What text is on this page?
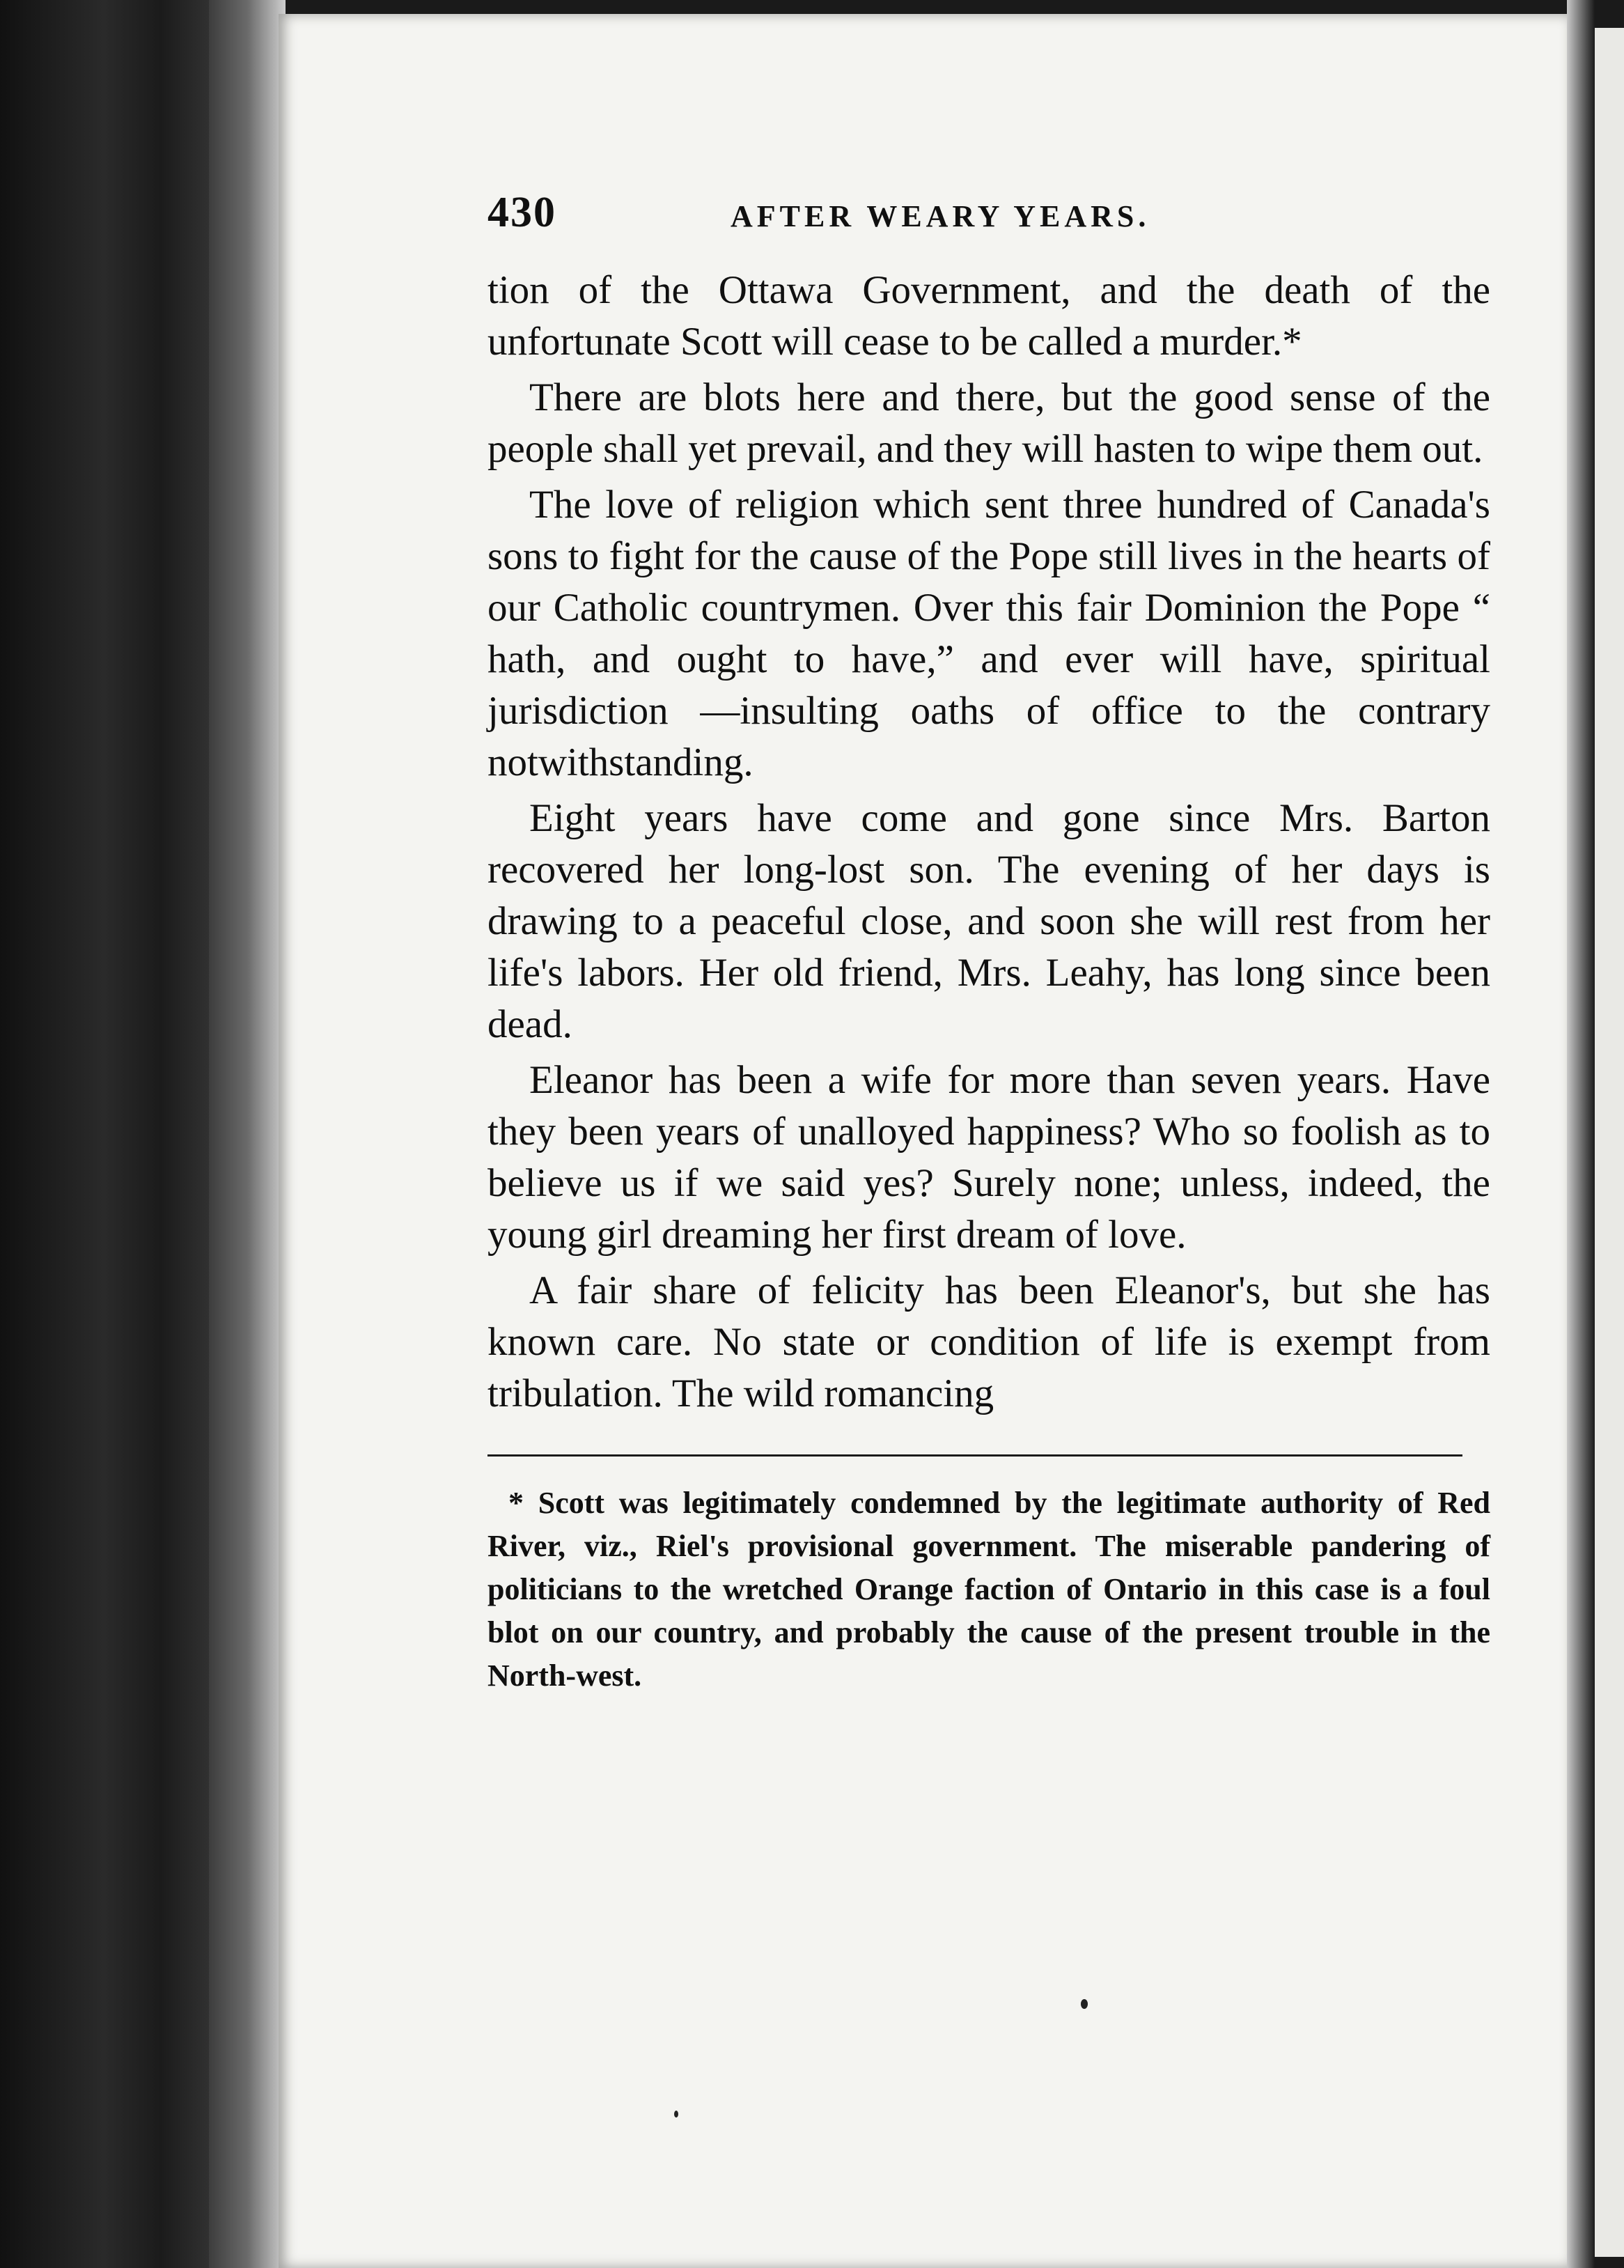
430	AFTER WEARY YEARS.

tion of the Ottawa Government, and the death of the unfortunate Scott will cease to be called a murder.*

There are blots here and there, but the good sense of the people shall yet prevail, and they will hasten to wipe them out.

The love of religion which sent three hundred of Canada's sons to fight for the cause of the Pope still lives in the hearts of our Catholic countrymen. Over this fair Dominion the Pope “ hath, and ought to have,” and ever will have, spiritual jurisdiction —insulting oaths of office to the contrary notwithstanding.

Eight years have come and gone since Mrs. Barton recovered her long-lost son. The evening of her days is drawing to a peaceful close, and soon she will rest from her life's labors. Her old friend, Mrs. Leahy, has long since been dead.

Eleanor has been a wife for more than seven years. Have they been years of unalloyed happiness? Who so foolish as to believe us if we said yes? Surely none; unless, indeed, the young girl dreaming her first dream of love.

A fair share of felicity has been Eleanor's, but she has known care. No state or condition of life is exempt from tribulation. The wild romancing

* Scott was legitimately condemned by the legitimate authority of Red River, viz., Riel's provisional government. The miserable pandering of politicians to the wretched Orange faction of Ontario in this case is a foul blot on our country, and probably the cause of the present trouble in the North-west.
